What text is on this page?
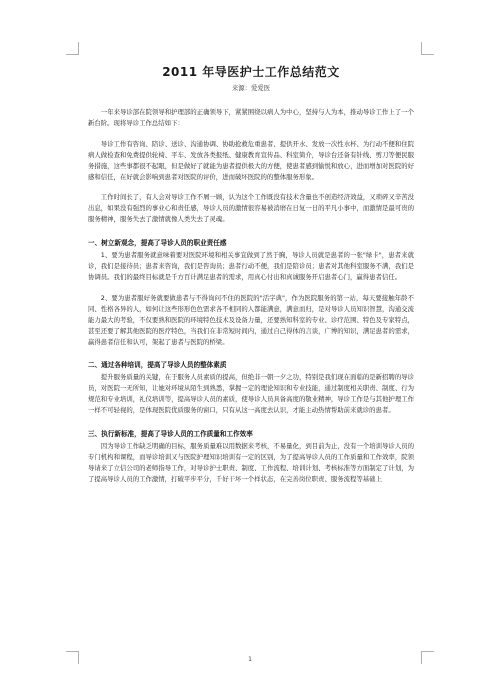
2011 年导医护士工作总结范文
来源：爱爱医

一年来导诊部在院领导和护理部的正确领导下，紧紧围绕以病人为中心，坚持与人为本，推动导诊工作上了一个新台阶。现将导诊工作总结如下：

导诊工作有咨询、陪诊、送诊、沟通协调、协助抢救危重患者、提供开水、发放一次性水杯、为行动不便和住院病人做检查和免费提供轮椅、平车、发放各类报纸、健康教育宣传品、科室简介，导诊台还备有针线、剪刀等便民服务措施，这些事都很不起眼，但是做好了就能为患者提供极大的方便，使患者感到愉悦和放心，进而增加对医院的好感和信任，在好就会影响到患者对医院的评价，进而破坏医院的的整体服务形象。

工作时间长了，有人会对导诊工作不屑一顾，认为这个工作既没有技术含量也不创造经济效益，又琐碎又辛苦没出息，如果没有强烈的事业心和责任感，导诊人员的激情很容易被消磨在日复一日的平凡小事中，而激情是最可贵的服务精神，服务失去了激情就像人类失去了灵魂。

一、树立新观念，提高了导诊人员的职业责任感

1、要为患者服务就意味着要对医院环境和相关事宜做到了然于胸，导诊人员就是患者的一张"绿卡"，患者来就诊，我们是接待员；患者来咨询，我们是咨询员；患者行动不便，我们是陪诊员；患者对其他科室服务不满，我们是协调员。我们的最终目标就是千方百计满足患者的需求，用真心付出和真诚服务开启患者心门，赢得患者信任。

2、要为患者服好务就要做患者与不得询问不住的医院的"活字典"，作为医院服务的第一站，每天要接触年龄不同、性格各异的人，如何让这些形形色色需求各不相同的人都能满意，满意而归，是对导诊人员知识智慧，沟通交流能力最大的考验，不仅要熟和医院的环境特色技术及设备力量，还要熟知科室的专业、诊疗范围、特色及专家特点，甚至还要了解其他医院的医疗特色，当我们在非常短时间内，通过自己得体的言谈，广博的知识，满足患者的需求，赢得患者信任和认可，架起了患者与医院的桥梁。

二、通过各种培训，提高了导诊人员的整体素质

提升服务质量的关键，在于服务人员素质的提高，但绝非一朝一夕之功，特别是我们现在面临的是新招聘的导诊员，对医院一无所知，让她对环境从陌生到熟悉，掌握一定的理论知识和专业技能，通过制度相关职责、制度、行为规范和专业培训，礼仪培训等，提高导诊人员的素质，使导诊人员具备高度的敬业精神，导诊工作是与其他护理工作一样不可轻视的，是体现医院优质服务的窗口，只有从这一高度去认识，才能主动热情帮助前来就诊的患者。

三、执行新标准，提高了导诊人员的工作质量和工作效率

因为导诊工作缺乏明确的目标，服务质量难以用数据来考核，不易量化，到目前为止，没有一个培训导诊人员的专门机构和课程，而导诊培训又与医院护理知识培训有一定的区别，为了提高导诊人员的工作质量和工作效率，院领导请来了立信公司的老师指导工作，对导诊护士职责、制度、工作流程、培训计划、考核标准等方面制定了计划，为了提高导诊人员的工作激情，打破平步平分，千好干坏一个样状态，在完善岗位职责、服务流程等基础上

1
